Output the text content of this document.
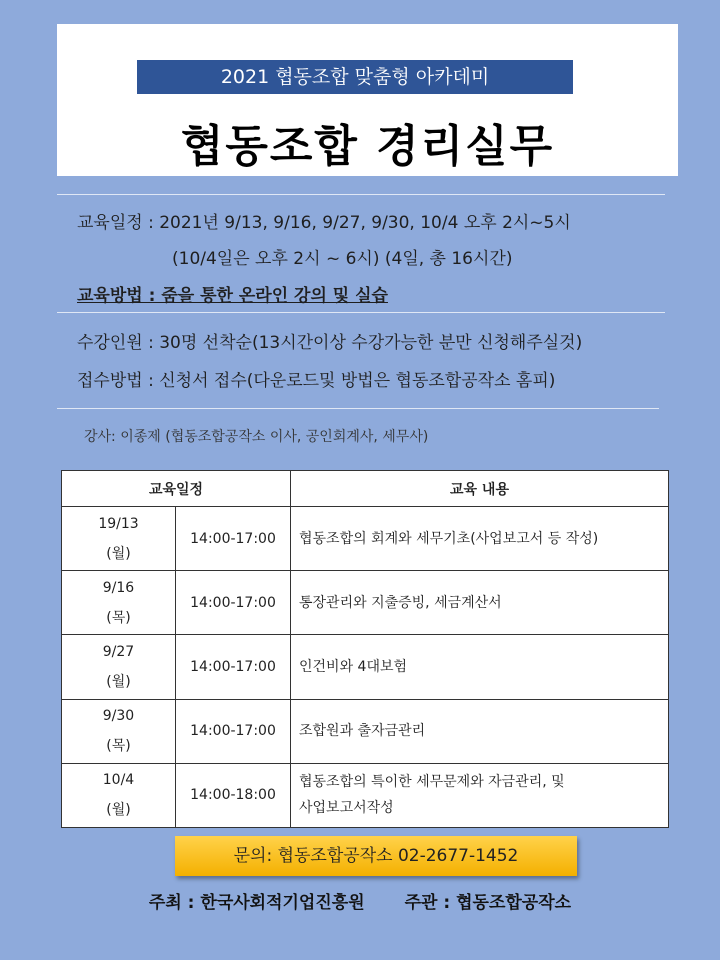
협동조합 경리실무
2021 협동조합 맞춤형 아카데미
교육일정 : 2021년 9/13, 9/16, 9/27, 9/30, 10/4 오후 2시~5시
(10/4일은 오후 2시 ~ 6시) (4일, 총 16시간)
교육방법 : 줌을 통한 온라인 강의 및 실습
수강인원 : 30명 선착순(13시간이상 수강가능한 분만 신청해주실것)
접수방법 : 신청서 접수(다운로드및 방법은 협동조합공작소 홈피)
강사: 이종제 (협동조합공작소 이사, 공인회계사, 세무사)
교육일정		교육 내용
19/13
(월)	14:00-17:00	협동조합의 회계와 세무기초(사업보고서 등 작성)
9/16
(목)	14:00-17:00	통장관리와 지출증빙, 세금계산서
9/27
(월)	14:00-17:00	인건비와 4대보험
9/30
(목)	14:00-17:00	조합원과 출자금관리
10/4
(월)	14:00-18:00	협동조합의 특이한 세무문제와 자금관리, 및
사업보고서작성
문의: 협동조합공작소 02-2677-1452
주최 : 한국사회적기업진흥원 주관 : 협동조합공작소
